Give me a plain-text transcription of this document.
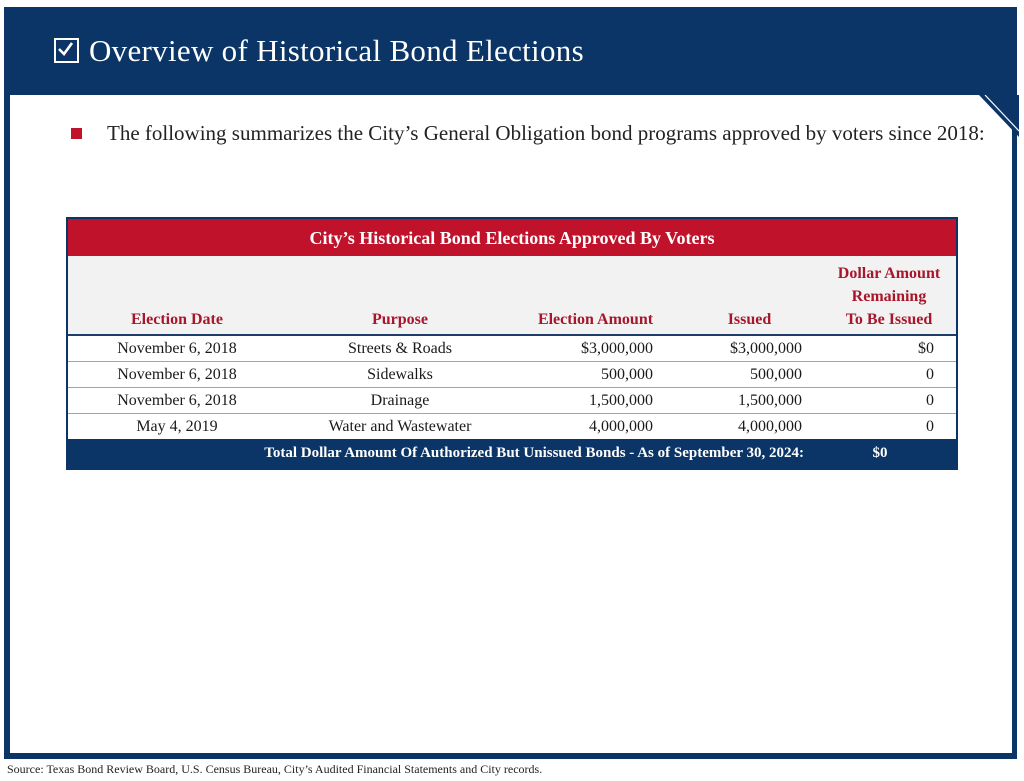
Overview of Historical Bond Elections
The following summarizes the City’s General Obligation bond programs approved by voters since 2018:
City’s Historical Bond Elections Approved By Voters
Election Date	Purpose	Election Amount	Issued	Dollar Amount
Remaining
To Be Issued

November 6, 2018	Streets & Roads	$3,000,000	$3,000,000	$0
November 6, 2018	Sidewalks	500,000	500,000	0
November 6, 2018	Drainage	1,500,000	1,500,000	0
May 4, 2019	Water and Wastewater	4,000,000	4,000,000	0
Total Dollar Amount Of Authorized But Unissued Bonds - As of September 30, 2024:	$0
Source: Texas Bond Review Board, U.S. Census Bureau, City’s Audited Financial Statements and City records.
